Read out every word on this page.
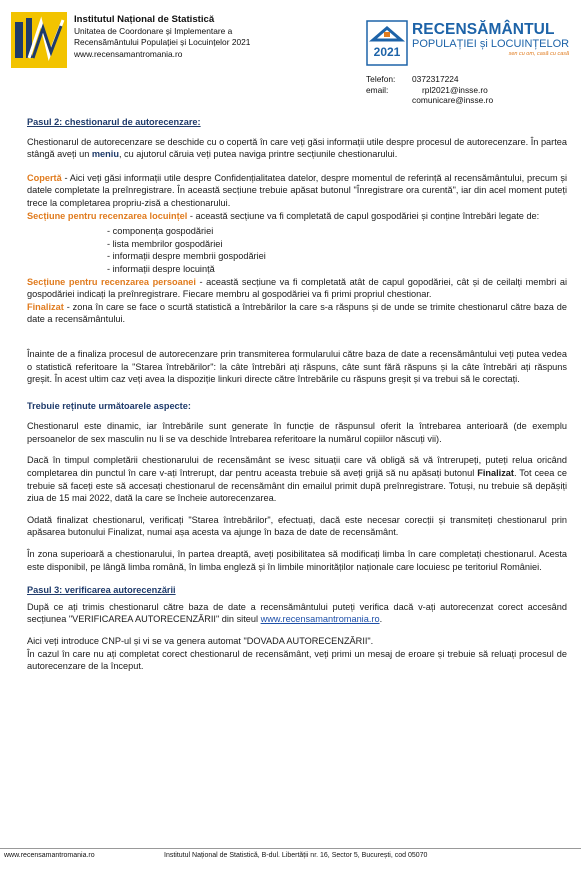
Institutul Național de Statistică
Unitatea de Coordonare și Implementare a
Recensământului Populației și Locuințelor 2021
www.recensamantromania.ro	2021
RECENSĂMÂNTUL
POPULAȚIEI și LOCUINȚELOR
sen cu om, casă cu casă
Telefon:	0372317224
email:	rpl2021@insse.ro
comunicare@insse.ro

Pasul 2: chestionarul de autorecenzare:

Chestionarul de autorecenzare se deschide cu o copertă în care veți găsi informații utile despre procesul de autorecenzare. În partea stângă aveți un meniu, cu ajutorul căruia veți putea naviga printre secțiunile chestionarului.

Copertă - Aici veți găsi informații utile despre Confidențialitatea datelor, despre momentul de referință al recensământului, precum și datele completate la preînregistrare. În această secțiune trebuie apăsat butonul "Înregistrare ora curentă", iar din acel moment puteți trece la completarea propriu-zisă a chestionarului.

Secțiune pentru recenzarea locuințel - această secțiune va fi completată de capul gospodăriei și conține întrebări legate de:

- componența gospodăriei
- lista membrilor gospodăriei
- informații despre membrii gospodăriei
- informații despre locuință

Secțiune pentru recenzarea persoanei - această secțiune va fi completată atât de capul gopodăriei, cât și de ceilalți membri ai gospodăriei indicați la preînregistrare. Fiecare membru al gospodăriei va fi primi propriul chestionar.

Finalizat - zona în care se face o scurtă statistică a întrebărilor la care s-a răspuns și de unde se trimite chestionarul către baza de date a recensământului.

Înainte de a finaliza procesul de autorecenzare prin transmiterea formularului către baza de date a recensământului veți putea vedea o statistică referitoare la "Starea întrebărilor": la câte întrebări ați răspuns, câte sunt fără răspuns și la câte întrebări ați răspuns greșit. În acest ultim caz veți avea la dispoziție linkuri directe către întrebările cu răspuns greșit și va trebui să le corectați.

Trebuie reținute următoarele aspecte:

Chestionarul este dinamic, iar întrebările sunt generate în funcție de răspunsul oferit la întrebarea anterioară (de exemplu persoanelor de sex masculin nu li se va deschide întrebarea referitoare la numărul copiilor născuți vii).

Dacă în timpul completării chestionarului de recensământ se ivesc situații care vă obligă să vă întrerupeți, puteți relua oricând completarea din punctul în care v-ați întrerupt, dar pentru aceasta trebuie să aveți grijă să nu apăsați butonul Finalizat. Tot ceea ce trebuie să faceți este să accesați chestionarul de recensământ din emailul primit după preînregistrare. Totuși, nu trebuie să depășiți ziua de 15 mai 2022, dată la care se încheie autorecenzarea.

Odată finalizat chestionarul, verificați "Starea întrebărilor", efectuați, dacă este necesar corecții și transmiteți chestionarul prin apăsarea butonului Finalizat, numai așa acesta va ajunge în baza de date de recensământ.

În zona superioară a chestionarului, în partea dreaptă, aveți posibilitatea să modificați limba în care completați chestionarul. Acesta este disponibil, pe lângă limba română, în limba engleză și în limbile minorităților naționale care locuiesc pe teritoriul României.

Pasul 3: verificarea autorecenzării

După ce ați trimis chestionarul către baza de date a recensământului puteți verifica dacă v-ați autorecenzat corect accesând secțiunea "VERIFICAREA AUTORECENZĂRII" din siteul www.recensamantromania.ro.

Aici veți introduce CNP-ul și vi se va genera automat "DOVADA AUTORECENZĂRII".

În cazul în care nu ați completat corect chestionarul de recensământ, veți primi un mesaj de eroare și trebuie să reluați procesul de autorecenzare de la început.

www.recensamantromania.ro	Institutul Național de Statistică, B-dul. Libertății nr. 16, Sector 5, București, cod 05070
